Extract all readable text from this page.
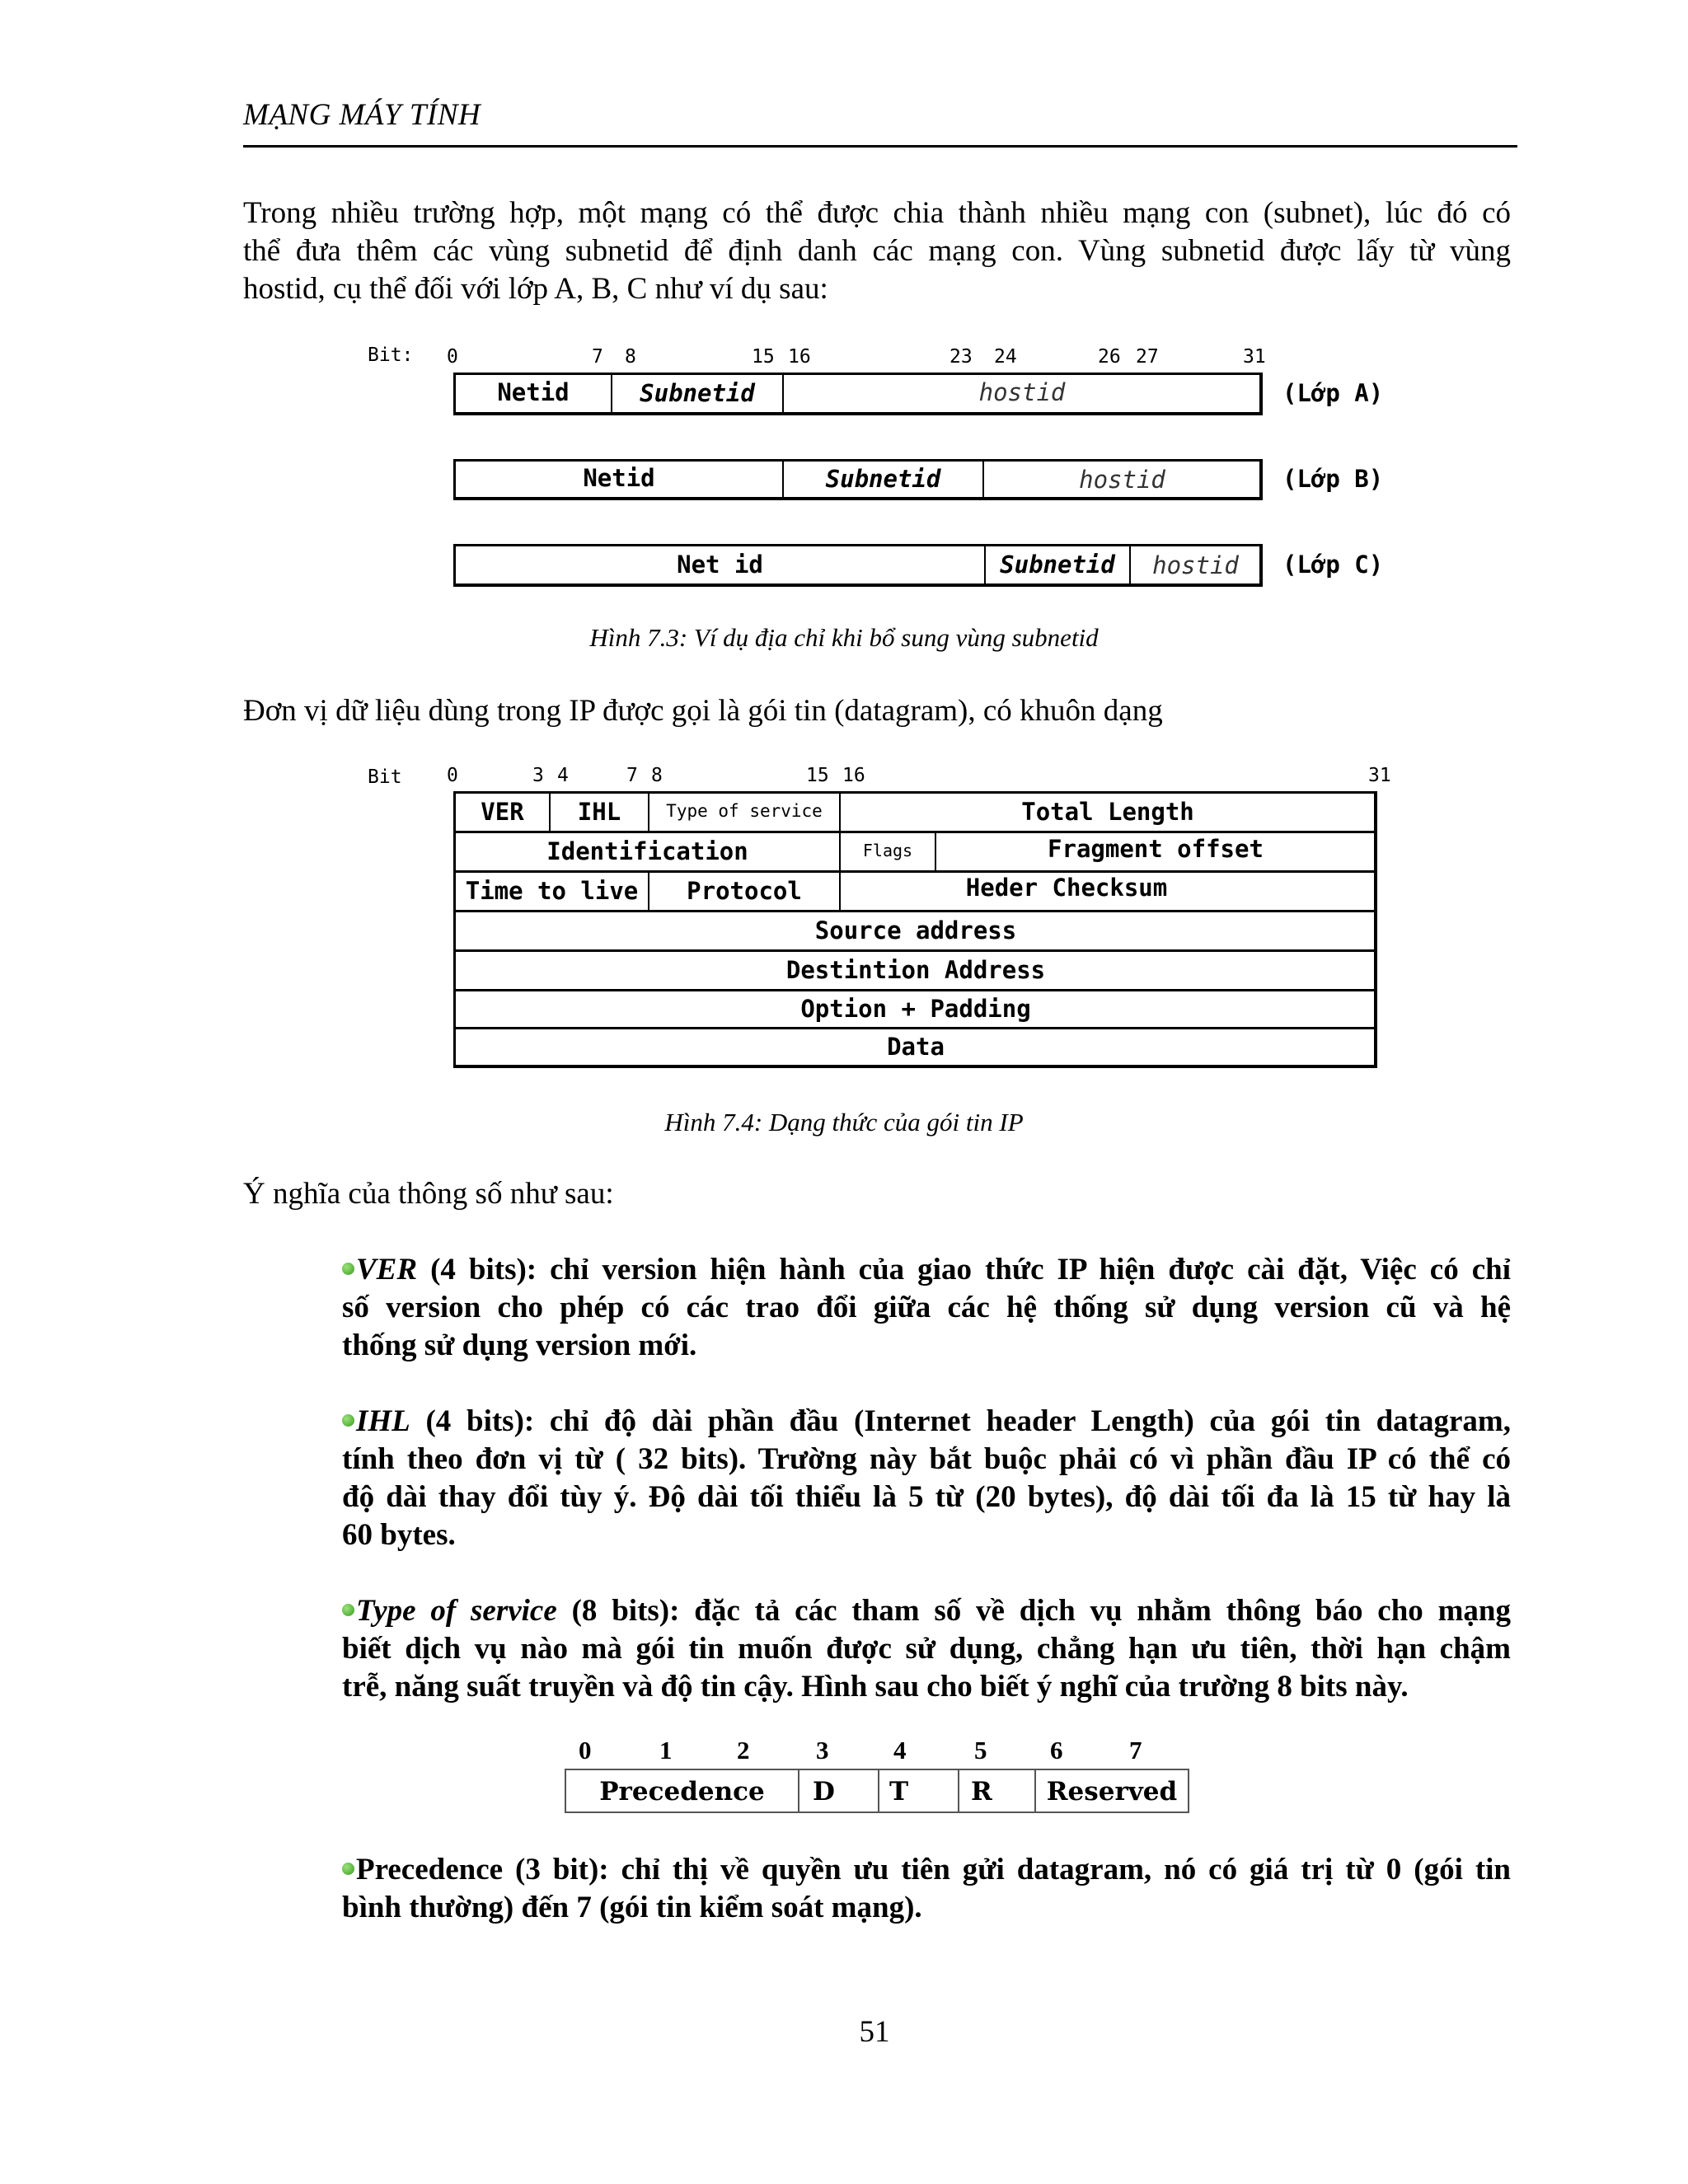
MẠNG MÁY TÍNH
Trong nhiều trường hợp, một mạng có thể được chia thành nhiều mạng con (subnet), lúc đó có
thể đưa thêm các vùng subnetid để định danh các mạng con. Vùng subnetid được lấy từ vùng
hostid, cụ thể đối với lớp A, B, C như ví dụ sau:
Bit: 0	7 8	15 16	23 24	26 27	31
Netid	Subnetid	hostid	(Lớp A)
Netid	Subnetid	hostid	(Lớp B)
Net id	Subnetid	hostid	(Lớp C)
Hình 7.3: Ví dụ địa chỉ khi bổ sung vùng subnetid
Đơn vị dữ liệu dùng trong IP được gọi là gói tin (datagram), có khuôn dạng
Bit 0	3 4	7 8	15 16	31
VER	IHL	Type of service	Total Length
Identification	Flags	Fragment offset
Time to live	Protocol	Heder Checksum
Source address
Destintion Address
Option + Padding
Data
Hình 7.4: Dạng thức của gói tin IP
Ý nghĩa của thông số như sau:
VER (4 bits): chỉ version hiện hành của giao thức IP hiện được cài đặt, Việc có chỉ
số version cho phép có các trao đổi giữa các hệ thống sử dụng version cũ và hệ
thống sử dụng version mới.
IHL (4 bits): chỉ độ dài phần đầu (Internet header Length) của gói tin datagram,
tính theo đơn vị từ ( 32 bits). Trường này bắt buộc phải có vì phần đầu IP có thể có
độ dài thay đổi tùy ý. Độ dài tối thiểu là 5 từ (20 bytes), độ dài tối đa là 15 từ hay là
60 bytes.
Type of service (8 bits): đặc tả các tham số về dịch vụ nhằm thông báo cho mạng
biết dịch vụ nào mà gói tin muốn được sử dụng, chẳng hạn ưu tiên, thời hạn chậm
trễ, năng suất truyền và độ tin cậy. Hình sau cho biết ý nghĩ của trường 8 bits này.
0	1	2	3	4	5 6	7
Precedence	D	T	R	Reserved
Precedence (3 bit): chỉ thị về quyền ưu tiên gửi datagram, nó có giá trị từ 0 (gói tin
bình thường) đến 7 (gói tin kiểm soát mạng).
51
